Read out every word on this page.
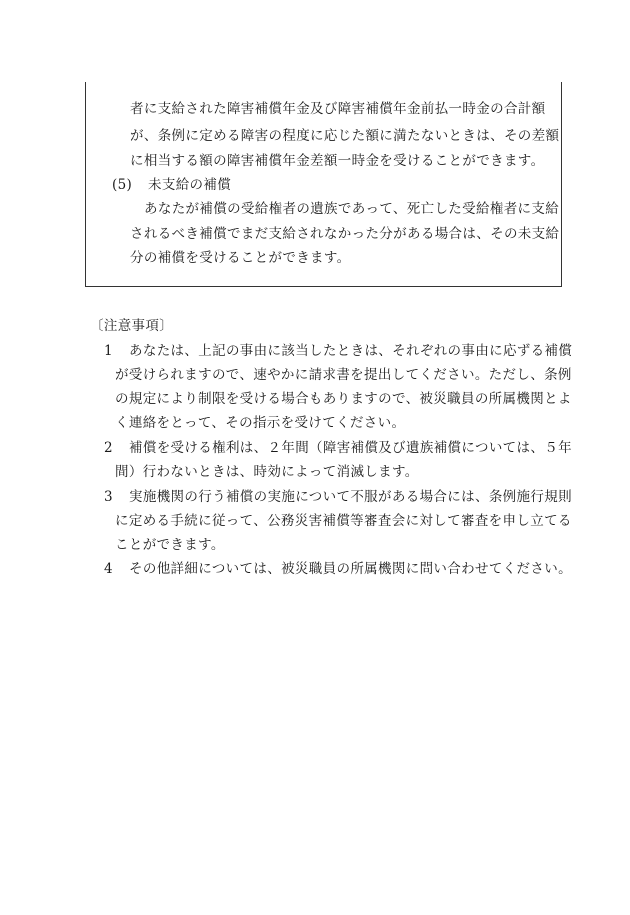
者に支給された障害補償年金及び障害補償年金前払一時金の合計額
が、条例に定める障害の程度に応じた額に満たないときは、その差額
に相当する額の障害補償年金差額一時金を受けることができます。
(5) 未支給の補償
あなたが補償の受給権者の遺族であって、死亡した受給権者に支給
されるべき補償でまだ支給されなかった分がある場合は、その未支給
分の補償を受けることができます。
〔注意事項〕
1 あなたは、上記の事由に該当したときは、それぞれの事由に応ずる補償
が受けられますので、速やかに請求書を提出してください。ただし、条例
の規定により制限を受ける場合もありますので、被災職員の所属機関とよ
く連絡をとって、その指示を受けてください。
2 補償を受ける権利は、２年間（障害補償及び遺族補償については、５年
間）行わないときは、時効によって消滅します。
3 実施機関の行う補償の実施について不服がある場合には、条例施行規則
に定める手続に従って、公務災害補償等審査会に対して審査を申し立てる
ことができます。
4 その他詳細については、被災職員の所属機関に問い合わせてください。
